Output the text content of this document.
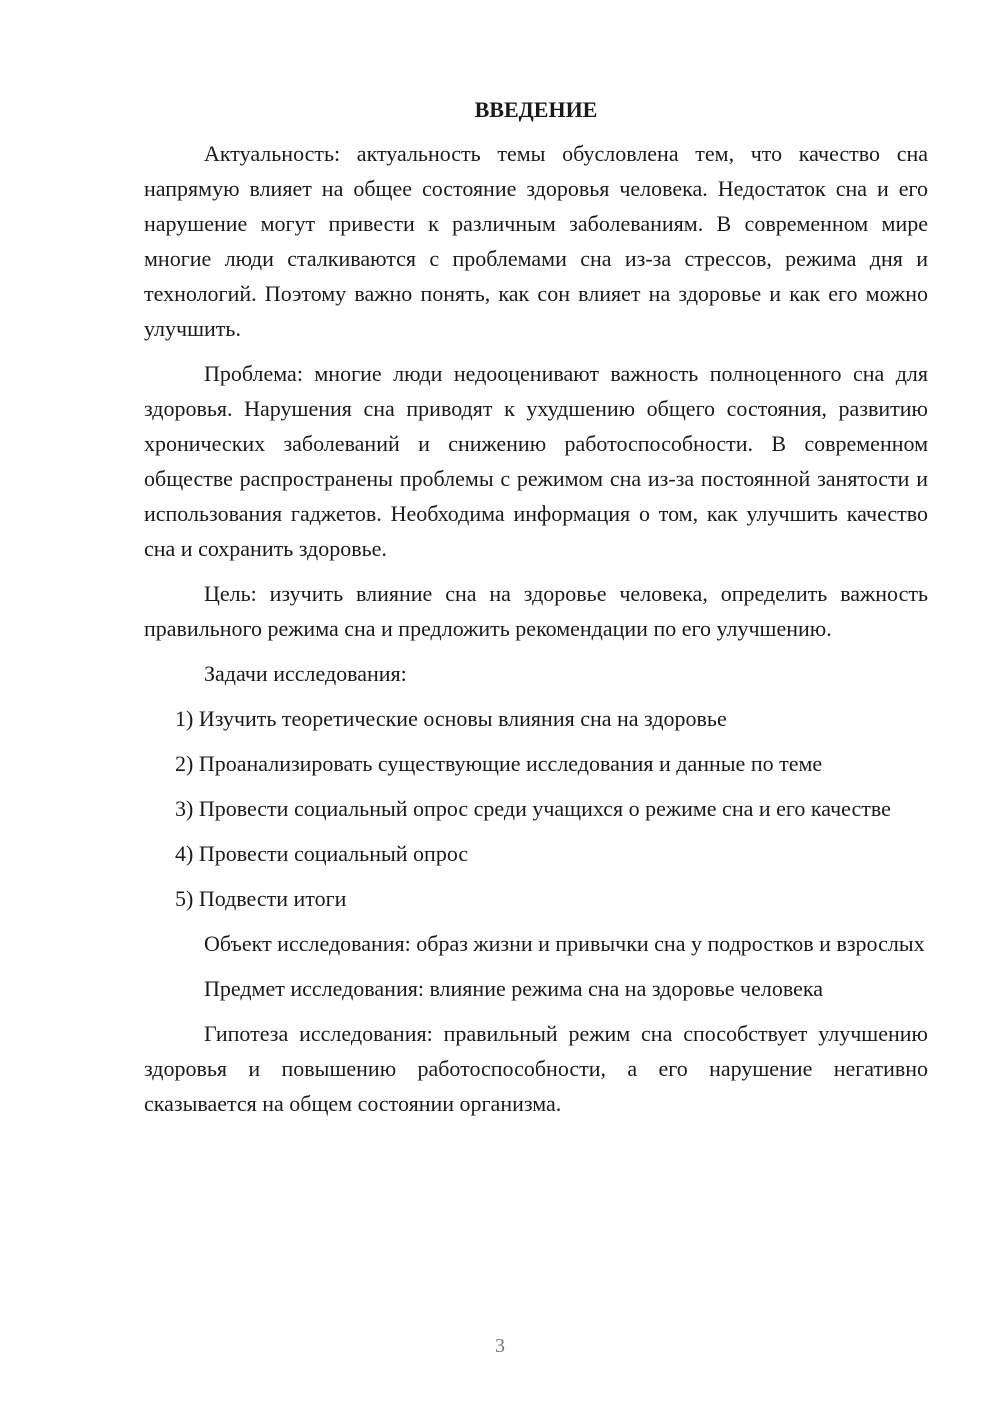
ВВЕДЕНИЕ

Актуальность: актуальность темы обусловлена тем, что качество сна напрямую влияет на общее состояние здоровья человека. Недостаток сна и его нарушение могут привести к различным заболеваниям. В современном мире многие люди сталкиваются с проблемами сна из-за стрессов, режима дня и технологий. Поэтому важно понять, как сон влияет на здоровье и как его можно улучшить.

Проблема: многие люди недооценивают важность полноценного сна для здоровья. Нарушения сна приводят к ухудшению общего состояния, развитию хронических заболеваний и снижению работоспособности. В современном обществе распространены проблемы с режимом сна из-за постоянной занятости и использования гаджетов. Необходима информация о том, как улучшить качество сна и сохранить здоровье.

Цель: изучить влияние сна на здоровье человека, определить важность правильного режима сна и предложить рекомендации по его улучшению.

Задачи исследования:

1) Изучить теоретические основы влияния сна на здоровье

2) Проанализировать существующие исследования и данные по теме

3) Провести социальный опрос среди учащихся о режиме сна и его качестве

4) Провести социальный опрос

5) Подвести итоги

Объект исследования: образ жизни и привычки сна у подростков и взрослых

Предмет исследования: влияние режима сна на здоровье человека

Гипотеза исследования: правильный режим сна способствует улучшению здоровья и повышению работоспособности, а его нарушение негативно сказывается на общем состоянии организма.

3
